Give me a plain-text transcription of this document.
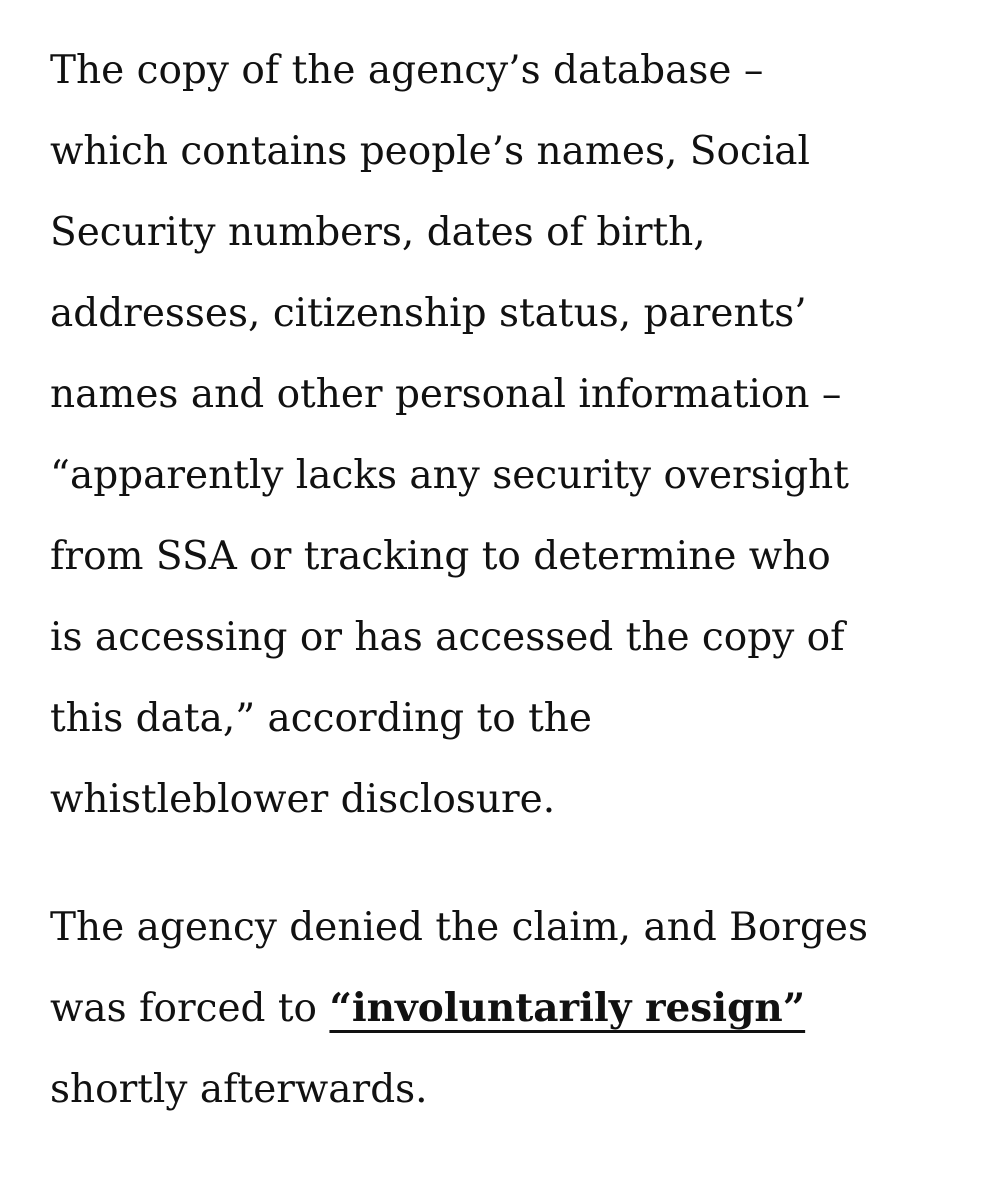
The copy of the agency’s database –
which contains people’s names, Social
Security numbers, dates of birth,
addresses, citizenship status, parents’
names and other personal information –
“apparently lacks any security oversight
from SSA or tracking to determine who
is accessing or has accessed the copy of
this data,” according to the
whistleblower disclosure.

The agency denied the claim, and Borges
was forced to “involuntarily resign”
shortly afterwards.
